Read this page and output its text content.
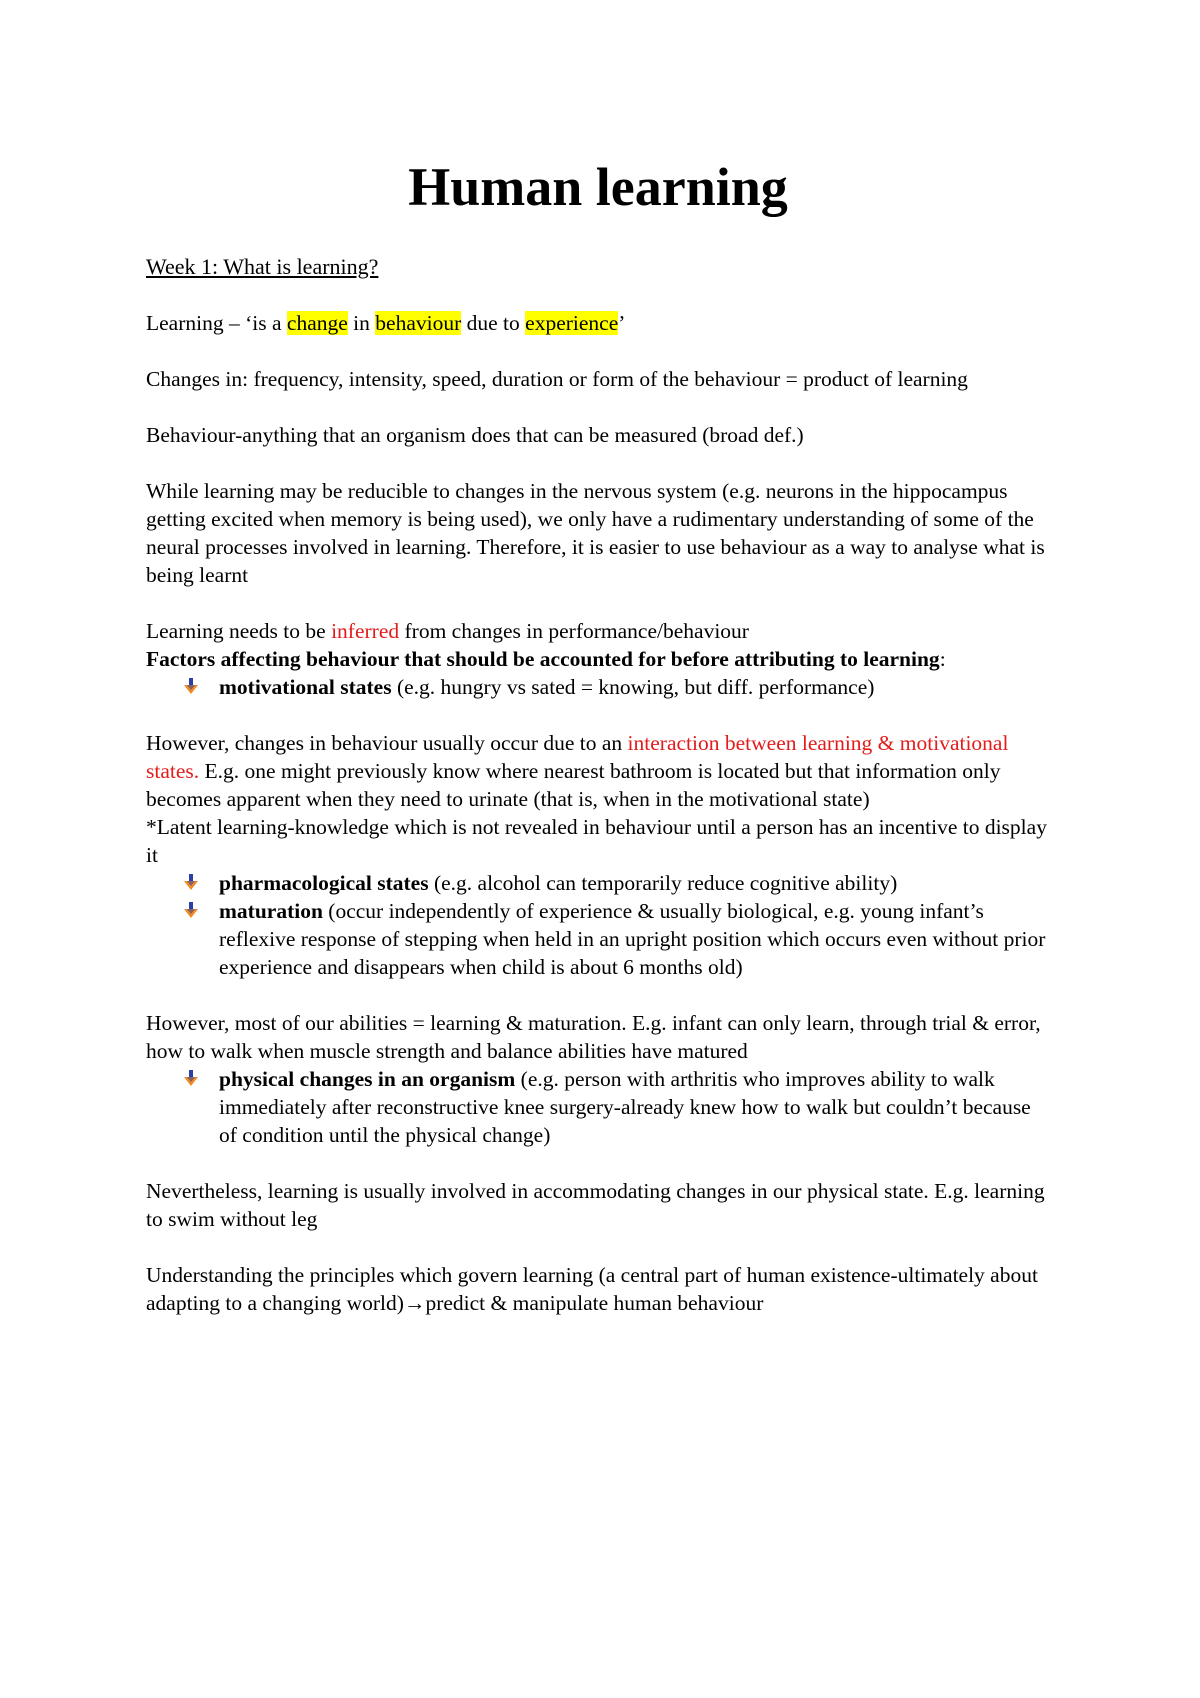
Human learning
Week 1: What is learning?

Learning – ‘is a change in behaviour due to experience’

Changes in: frequency, intensity, speed, duration or form of the behaviour = product of learning

Behaviour-anything that an organism does that can be measured (broad def.)

While learning may be reducible to changes in the nervous system (e.g. neurons in the hippocampus getting excited when memory is being used), we only have a rudimentary understanding of some of the neural processes involved in learning. Therefore, it is easier to use behaviour as a way to analyse what is being learnt

Learning needs to be inferred from changes in performance/behaviour

Factors affecting behaviour that should be accounted for before attributing to learning:

motivational states (e.g. hungry vs sated = knowing, but diff. performance)

However, changes in behaviour usually occur due to an interaction between learning & motivational states. E.g. one might previously know where nearest bathroom is located but that information only becomes apparent when they need to urinate (that is, when in the motivational state)

*Latent learning-knowledge which is not revealed in behaviour until a person has an incentive to display it

pharmacological states (e.g. alcohol can temporarily reduce cognitive ability)
maturation (occur independently of experience & usually biological, e.g. young infant’s reflexive response of stepping when held in an upright position which occurs even without prior experience and disappears when child is about 6 months old)

However, most of our abilities = learning & maturation. E.g. infant can only learn, through trial & error, how to walk when muscle strength and balance abilities have matured

physical changes in an organism (e.g. person with arthritis who improves ability to walk immediately after reconstructive knee surgery-already knew how to walk but couldn’t because of condition until the physical change)

Nevertheless, learning is usually involved in accommodating changes in our physical state. E.g. learning to swim without leg

Understanding the principles which govern learning (a central part of human existence-ultimately about adapting to a changing world)→predict & manipulate human behaviour
